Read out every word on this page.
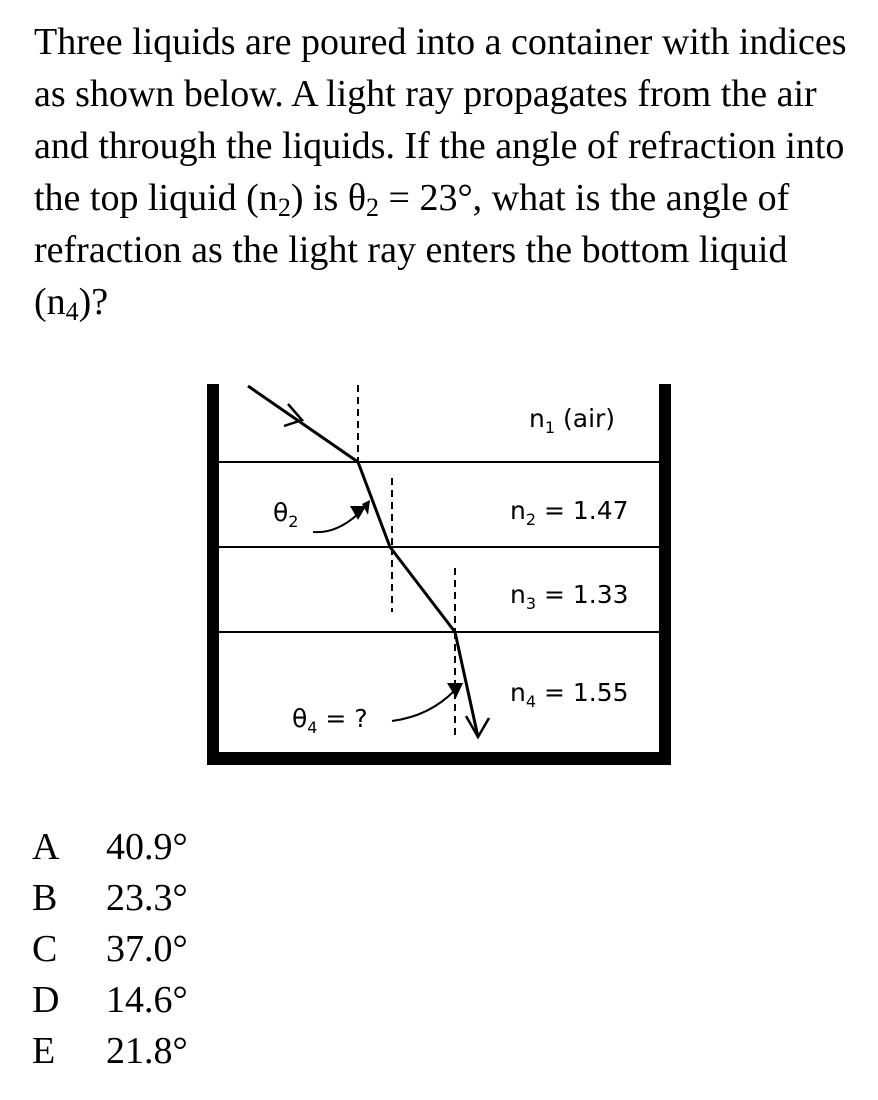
Three liquids are poured into a container with indices as shown below. A light ray propagates from the air and through the liquids. If the angle of refraction into the top liquid $(n_2)$ is $\theta_2 = 23^\circ$, what is the angle of refraction as the light ray enters the bottom liquid $(n_4)$?

$n_1$ (air)
$n_2 = 1.47$
$n_3 = 1.33$
$n_4 = 1.55$
$\theta_2$
$\theta_4$ = ?
A	40.9°
B	23.3°
C	37.0°
D	14.6°
E	21.8°
